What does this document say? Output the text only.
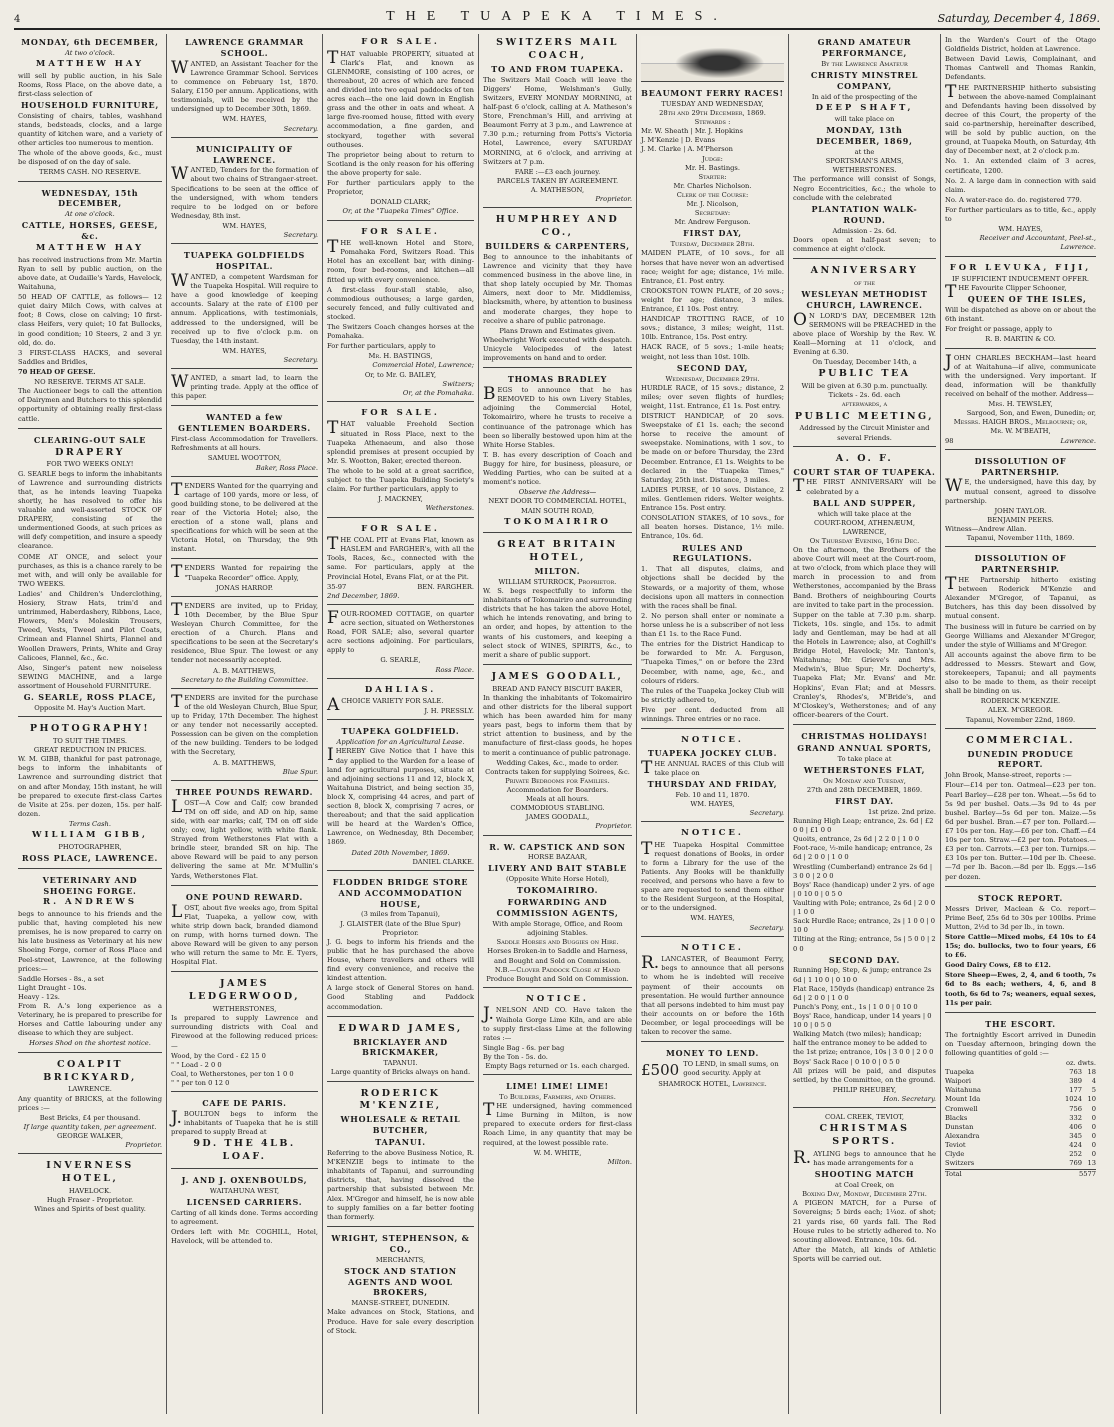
4	THE TUAPEKA TIMES.	Saturday, December 4, 1869.
MONDAY, 6th DECEMBER,
At two o'clock.
MATTHEW HAY

will sell by public auction, in his Sale Rooms, Ross Place, on the above date, a first-class selection of

HOUSEHOLD FURNITURE,

Consisting of chairs, tables, washhand stands, bedsteads, clocks, and a large quantity of kitchen ware, and a variety of other articles too numerous to mention.

The whole of the above goods, &c., must be disposed of on the day of sale.

TERMS CASH. NO RESERVE.
WEDNESDAY, 15th DECEMBER,
At one o'clock.
CATTLE, HORSES, GEESE, &c.
MATTHEW HAY

has received instructions from Mr. Martin Ryan to sell by public auction, on the above date, at Oudaille's Yards, Havelock, Waitahuna,

50 HEAD OF CATTLE, as follows— 12 quiet dairy Milch Cows, with calves at foot; 8 Cows, close on calving; 10 first-class Heifers, very quiet; 10 fat Bullocks, in good condition; 10 Steers, 2 and 3 yr. old, do. do.

3 FIRST-CLASS HACKS, and several Saddles and Bridles,

70 HEAD OF GEESE.

NO RESERVE. TERMS AT SALE.

The Auctioneer begs to call the attention of Dairymen and Butchers to this splendid opportunity of obtaining really first-class cattle.

CLEARING-OUT SALE
DRAPERY
FOR TWO WEEKS ONLY!

G. SEARLE begs to inform the inhabitants of Lawrence and surrounding districts that, as he intends leaving Tuapeka shortly, he has resolved to offer his valuable and well-assorted STOCK OF DRAPERY, consisting of the undermentioned Goods, at such prices as will defy competition, and insure a speedy clearance.

COME AT ONCE, and select your purchases, as this is a chance rarely to be met with, and will only be available for TWO WEEKS.

Ladies' and Children's Underclothing, Hosiery, Straw Hats, trim'd and untrimmed, Haberdashery, Ribbons, Lace, Flowers, Men's Moleskin Trousers, Tweed, Vests, Tweed and Pilot Coats, Crimean and Flannel Shirts, Flannel and Woollen Drawers, Prints, White and Gray Calicoes, Flannel, &c., &c.

Also, Singer's patent new noiseless SEWING MACHINE, and a large assortment of Household FURNITURE.

G. SEARLE, ROSS PLACE,
Opposite M. Hay's Auction Mart.
PHOTOGRAPHY!
TO SUIT THE TIMES.
GREAT REDUCTION IN PRICES.

W. M. GIBB, thankful for past patronage, begs to inform the inhabitants of Lawrence and surrounding district that on and after Monday, 15th instant, he will be prepared to execute first-class Cartes de Visite at 25s. per dozen, 15s. per half-dozen.

Terms Cash.
WILLIAM GIBB,
PHOTOGRAPHER,
ROSS PLACE, LAWRENCE.
VETERINARY AND SHOEING FORGE.
R. ANDREWS

begs to announce to his friends and the public that, having completed his new premises, he is now prepared to carry on his late business as Veterinary at his new Shoeing Forge, corner of Ross Place and Peel-street, Lawrence, at the following prices:—

Saddle Horses - 8s., a set
Light Draught - 10s.
Heavy - 12s.

From R. A.'s long experience as a Veterinary, he is prepared to prescribe for Horses and Cattle labouring under any disease to which they are subject.

Horses Shod on the shortest notice.
COALPIT BRICKYARD,
LAWRENCE.

Any quantity of BRICKS, at the following prices :—

Best Bricks, £4 per thousand.
If large quantity taken, per agreement.
GEORGE WALKER,
Proprietor.
INVERNESS HOTEL,
HAVELOCK.
Hugh Fraser - Proprietor.
Wines and Spirits of best quality.
LAWRENCE GRAMMAR SCHOOL.

WANTED, an Assistant Teacher for the Lawrence Grammar School. Services to commence on February 1st, 1870. Salary, £150 per annum. Applications, with testimonials, will be received by the undersigned up to December 30th, 1869.

WM. HAYES,
Secretary.
MUNICIPALITY OF LAWRENCE.

WANTED, Tenders for the formation of about two chains of Strangaer-street. Specifications to be seen at the office of the undersigned, with whom tenders require to be lodged on or before Wednesday, 8th inst.

WM. HAYES,
Secretary.
TUAPEKA GOLDFIELDS HOSPITAL.

WANTED, a competent Wardsman for the Tuapeka Hospital. Will require to have a good knowledge of keeping accounts. Salary at the rate of £100 per annum. Applications, with testimonials, addressed to the undersigned, will be received up to five o'clock p.m. on Tuesday, the 14th instant.

WM. HAYES,
Secretary.

WANTED, a smart lad, to learn the printing trade. Apply at the office of this paper.

WANTED a few GENTLEMEN BOARDERS.

First-class Accommodation for Travellers. Refreshments at all hours.

SAMUEL WOOTTON,
Baker, Ross Place.

TENDERS Wanted for the quarrying and cartage of 100 yards, more or less, of good building stone, to be delivered at the rear of the Victoria Hotel; also, the erection of a stone wall, plans and specifications for which will be seen at the Victoria Hotel, on Thursday, the 9th instant.

TENDERS Wanted for repairing the "Tuapeka Recorder" office. Apply,

JONAS HARROP.

TENDERS are invited, up to Friday, 10th December, by the Blue Spur Wesleyan Church Committee, for the erection of a Church. Plans and specifications to be seen at the Secretary's residence, Blue Spur. The lowest or any tender not necessarily accepted.

A. B. MATTHEWS,
Secretary to the Building Committee.

TENDERS are invited for the purchase of the old Wesleyan Church, Blue Spur, up to Friday, 17th December. The highest or any tender not necessarily accepted. Possession can be given on the completion of the new building. Tenders to be lodged with the Secretary,

A. B. MATTHEWS,
Blue Spur.
THREE POUNDS REWARD.

LOST—A Cow and Calf; cow branded TM on off side, and AD on hip, same side, with ear marks; calf, TM on off side only; cow, light yellow, with white flank. Strayed from Wetherstones Flat with a brindle steer, branded SR on hip. The above Reward will be paid to any person delivering the same at Mr. M'Mullin's Yards, Wetherstones Flat.

ONE POUND REWARD.

LOST, about five weeks ago, from Spital Flat, Tuapeka, a yellow cow, with white strip down back, branded diamond on rump, with horns turned down. The above Reward will be given to any person who will return the same to Mr. E. Tyers, Hospital Flat.

JAMES LEDGERWOOD,
WETHERSTONES,

Is prepared to supply Lawrence and surrounding districts with Coal and Firewood at the following reduced prices:—

Wood, by the Cord - £2 15 0
" " Load - 2 0 0
Coal, to Wetherstones, per ton 1 0 0
" " per ton 0 12 0
CAFE DE PARIS.

J.BOULTON begs to inform the inhabitants of Tuapeka that he is still prepared to supply Bread at

9D. THE 4LB. LOAF.
J. AND J. OXENBOULDS,
WAITAHUNA WEST,
LICENSED CARRIERS.

Carting of all kinds done. Terms according to agreement.

Orders left with Mr. COGHILL, Hotel, Havelock, will be attended to.

FOR SALE.

THAT valuable PROPERTY, situated at Clark's Flat, and known as GLENMORE, consisting of 100 acres, or thereabout, 20 acres of which are fenced and divided into two equal paddocks of ten acres each—the one laid down in English grass and the other in oats and wheat. A large five-roomed house, fitted with every accommodation, a fine garden, and stockyard, together with several outhouses.

The proprietor being about to return to Scotland is the only reason for his offering the above property for sale.

For further particulars apply to the Proprietor,

DONALD CLARK;
Or, at the "Tuapeka Times" Office.
FOR SALE.

THE well-known Hotel and Store, Pomahaka Ford, Switzers Road. This Hotel has an excellent bar, with dining-room, four bed-rooms, and kitchen—all fitted up with every convenience.

A first-class four-stall stable, also, commodious outhouses; a large garden, securely fenced, and fully cultivated and stocked.

The Switzers Coach changes horses at the Pomahaka.

For further particulars, apply to

Mr. H. BASTINGS,
Commercial Hotel, Lawrence;
Or, to Mr. G. BAILEY,
Switzers;
Or, at the Pomahaka.
FOR SALE.

THAT valuable Freehold Section situated in Ross Place, next to the Tuapeka Athenaeum, and also those splendid premises at present occupied by Mr. S. Wootton, Baker, erected thereon.

The whole to be sold at a great sacrifice, subject to the Tuapeka Building Society's claim. For further particulars, apply to

J. MACKNEY,
Wetherstones.
FOR SALE.

THE COAL PIT at Evans Flat, known as HASLEM and FARGHER's, with all the Tools, Races, &c., connected with the same. For particulars, apply at the Provincial Hotel, Evans Flat, or at the Pit.

35-97	BEN. FARGHER.
2nd December, 1869.

FOUR-ROOMED COTTAGE, on quarter acre section, situated on Wetherstones Road, FOR SALE; also, several quarter acre sections adjoining. For particulars, apply to

G. SEARLE,
Ross Place.
DAHLIAS.

ACHOICE VARIETY FOR SALE.

J. H. PRESSLY.
TUAPEKA GOLDFIELD.
Application for an Agricultural Lease.

IHEREBY Give Notice that I have this day applied to the Warden for a lease of land for agricultural purposes, situate at and adjoining sections 11 and 12, block X, Waitahuna District, and being section 35, block X, comprising 44 acres, and part of section 8, block X, comprising 7 acres, or thereabout; and that the said application will be heard at the Warden's Office, Lawrence, on Wednesday, 8th December, 1869.

Dated 20th November, 1869.
DANIEL CLARKE.
FLODDEN BRIDGE STORE AND ACCOMMODATION HOUSE,
(3 miles from Tapanui),
J. GLAISTER (late of the Blue Spur) Proprietor.

J. G. begs to inform his friends and the public that he has purchased the above House, where travellers and others will find every convenience, and receive the kindest attention.

A large stock of General Stores on hand. Good Stabling and Paddock accommodation.

EDWARD JAMES,
BRICKLAYER AND BRICKMAKER,
TAPANUI.
Large quantity of Bricks always on hand.
RODERICK M'KENZIE,
WHOLESALE & RETAIL BUTCHER,
TAPANUI.

Referring to the above Business Notice, R. M'KENZIE begs to intimate to the inhabitants of Tapanui, and surrounding districts, that, having dissolved the partnership that subsisted between Mr. Alex. M'Gregor and himself, he is now able to supply families on a far better footing than formerly.

WRIGHT, STEPHENSON, & CO.,
MERCHANTS,
STOCK AND STATION AGENTS AND WOOL BROKERS,
MANSE-STREET, DUNEDIN.

Make advances on Stock, Stations, and Produce. Have for sale every description of Stock.

SWITZERS MAIL COACH,
TO AND FROM TUAPEKA.

The Switzers Mail Coach will leave the Diggers' Home, Welshman's Gully, Switzers, EVERY MONDAY MORNING, at half-past 6 o'clock, calling at A. Matheson's Store, Frenchman's Hill, and arriving at Beaumont Ferry at 3 p.m., and Lawrence at 7.30 p.m.; returning from Potts's Victoria Hotel, Lawrence, every SATURDAY MORNING, at 6 o'clock, and arriving at Switzers at 7 p.m.

FARE :—£3 each journey.
PARCELS TAKEN BY AGREEMENT.
A. MATHESON,
Proprietor.
HUMPHREY AND CO.,
BUILDERS & CARPENTERS,

Beg to announce to the inhabitants of Lawrence and vicinity that they have commenced business in the above line, in that shop lately occupied by Mr. Thomas Aimers, next door to Mr. Middlemiss, blacksmith, where, by attention to business and moderate charges, they hope to receive a share of public patronage.

Plans Drawn and Estimates given.

Wheelwright Work executed with despatch. Unicycle Velocipedes of the latest improvements on hand and to order.

THOMAS BRADLEY

BEGS to announce that he has REMOVED to his own Livery Stables, adjoining the Commercial Hotel, Tokomairiro, where he trusts to receive a continuance of the patronage which has been so liberally bestowed upon him at the White Horse Stables.

T. B. has every description of Coach and Buggy for hire, for business, pleasure, or Wedding Parties, who can be suited at a moment's notice.

Observe the Address—
NEXT DOOR TO COMMERCIAL HOTEL,
MAIN SOUTH ROAD,
TOKOMAIRIRO
GREAT BRITAIN HOTEL,
MILTON.
WILLIAM STURROCK, Proprietor.

W. S. begs respectfully to inform the inhabitants of Tokomairiro and surrounding districts that he has taken the above Hotel, which he intends renovating, and bring to an order, and hopes, by attention to the wants of his customers, and keeping a select stock of WINES, SPIRITS, &c., to merit a share of public support.

JAMES GOODALL,
BREAD AND FANCY BISCUIT BAKER,

In thanking the inhabitants of Tokomairiro and other districts for the liberal support which has been awarded him for many years past, begs to inform them that by strict attention to business, and by the manufacture of first-class goods, he hopes to merit a continuance of public patronage.

Wedding Cakes, &c., made to order.
Contracts taken for supplying Soirees, &c.
Private Bedrooms for Families.
Accommodation for Boarders.
Meals at all hours.
COMMODIOUS STABLING.
JAMES GOODALL,
Proprietor.
R. W. CAPSTICK AND SON
HORSE BAZAAR,
LIVERY AND BAIT STABLE
(Opposite White Horse Hotel),
TOKOMAIRIRO.
FORWARDING AND COMMISSION AGENTS,
With ample Storage, Office, and Room adjoining Stables.
Saddle Horses and Buggies on Hire.
Horses Broken-in to Saddle and Harness, and Bought and Sold on Commission.
N.B.—Clover Paddock Close at Hand
Produce Bought and Sold on Commission.
NOTICE.

J.NELSON AND CO. Have taken the Waihola Gorge Lime Kiln, and are able to supply first-class Lime at the following rates :—

Single Bag - 6s. per bag
By the Ton - 5s. do.
Empty Bags returned or 1s. each charged.
LIME! LIME! LIME!
To Builders, Farmers, and Others.

THE undersigned, having commenced Lime Burning in Milton, is now prepared to execute orders for first-class Roach Lime, in any quantity that may be required, at the lowest possible rate.

W. M. WHITE,
Milton.
BEAUMONT FERRY RACES!
TUESDAY AND WEDNESDAY,
28th and 29th December, 1869.
Stewards :
Mr. W. Sheath | Mr. J. Hopkins
J. M'Kenzie | D. Evans
J. M. Clarke | A. M'Pherson
Judge:
Mr. H. Bastings.
Starter:
Mr. Charles Nicholson.
Clerk of the Course:
Mr. J. Nicolson,
Secretary:
Mr. Andrew Ferguson.
FIRST DAY,
Tuesday, December 28th.

MAIDEN PLATE, of 10 sovs., for all horses that have never won an advertised race; weight for age; distance, 1½ mile. Entrance, £1. Post entry.

CROOKSTON TOWN PLATE, of 20 sovs.; weight for age; distance, 3 miles. Entrance, £1 10s. Post entry.

HANDICAP TROTTING RACE, of 10 sovs.; distance, 3 miles; weight, 11st. 10lb. Entrance, 15s. Post entry.

HACK RACE, of 5 sovs.; 1-mile heats; weight, not less than 10st. 10lb.

SECOND DAY,
Wednesday, December 29th.

HURDLE RACE, of 15 sovs.; distance, 2 miles; over seven flights of hurdles; weight, 11st. Entrance, £1 1s. Post entry.

DISTRICT HANDICAP, of 20 sovs. Sweepstake of £1 1s. each; the second horse to receive the amount of sweepstake. Nominations, with 1 sov., to be made on or before Thursday, the 23rd December. Entrance, £1 1s. Weights to be declared in the "Tuapeka Times," Saturday, 25th inst. Distance, 3 miles.

LADIES PURSE, of 10 sovs. Distance, 2 miles. Gentlemen riders. Welter weights. Entrance 15s. Post entry.

CONSOLATION STAKES, of 10 sovs., for all beaten horses. Distance, 1½ mile. Entrance, 10s. 6d.

RULES AND REGULATIONS.

1. That all disputes, claims, and objections shall be decided by the Stewards, or a majority of them, whose decisions upon all matters in connection with the races shall be final.

2. No person shall enter or nominate a horse unless he is a subscriber of not less than £1 1s. to the Race Fund.

The entries for the District Handicap to be forwarded to Mr. A. Ferguson, "Tuapeka Times," on or before the 23rd December, with name, age, &c., and colours of riders.

The rules of the Tuapeka Jockey Club will be strictly adhered to,

Five per cent. deducted from all winnings. Three entries or no race.

NOTICE.
TUAPEKA JOCKEY CLUB.

THE ANNUAL RACES of this Club will take place on

THURSDAY AND FRIDAY,
Feb. 10 and 11, 1870.
WM. HAYES,
Secretary.
NOTICE.

THE Tuapeka Hospital Committee request donations of Books, in order to form a Library for the use of the Patients. Any Books will be thankfully received, and persons who have a few to spare are requested to send them either to the Resident Surgeon, at the Hospital, or to the undersigned.

WM. HAYES,
Secretary.
NOTICE.

R.LANCASTER, of Beaumont Ferry, begs to announce that all persons to whom he is indebted will receive payment of their accounts on presentation. He would further announce that all persons indebted to him must pay their accounts on or before the 16th December, or legal proceedings will be taken to recover the same.

MONEY TO LEND.
£500 TO LEND, in small sums, on good security. Apply at
SHAMROCK HOTEL, Lawrence.
GRAND AMATEUR PERFORMANCE,
By the Lawrence Amateur
CHRISTY MINSTREL COMPANY,
In aid of the prospecting of the
DEEP SHAFT,
will take place on
MONDAY, 13th DECEMBER, 1869,
at the
SPORTSMAN'S ARMS, WETHERSTONES.

The performance will consist of Songs, Negro Eccentricities, &c.; the whole to conclude with the celebrated

PLANTATION WALK-ROUND.
Admission - 2s. 6d.

Doors open at half-past seven; to commence at eight o'clock.

ANNIVERSARY
of the
WESLEYAN METHODIST CHURCH, LAWRENCE.

ON LORD'S DAY, DECEMBER 12th SERMONS will be PREACHED in the above place of Worship by the Rev. W. Keall—Morning at 11 o'clock, and Evening at 6.30.

On Tuesday, December 14th, a
PUBLIC TEA
Will be given at 6.30 p.m. punctually.
Tickets - 2s. 6d. each
afterwards, a
PUBLIC MEETING,
Addressed by the Circuit Minister and several Friends.
A. O. F.
COURT STAR OF TUAPEKA.

THE FIRST ANNIVERSARY will be celebrated by a

BALL AND SUPPER,
which will take place at the
COURT-ROOM, ATHENÆUM,
LAWRENCE,
On Thursday Evening, 16th Dec.

On the afternoon, the Brothers of the above Court will meet at the Court-room, at two o'clock, from which place they will march in procession to and from Wetherstones, accompanied by the Brass Band. Brothers of neighbouring Courts are invited to take part in the procession.

Supper on the table at 7.30 p.m. sharp. Tickets, 10s. single, and 15s. to admit lady and Gentleman, may be had at all the Hotels in Lawrence; also, at Coghill's Bridge Hotel, Havelock; Mr. Tanton's, Waitahuna; Mr. Grieve's and Mrs. Medwin's, Blue Spur; Mr. Docherty's, Tuapeka Flat; Mr. Evans' and Mr. Hopkins', Evan Flat; and at Messrs. Cranley's, Rhodes's, M'Bride's, and M'Closkey's, Wetherstones; and of any officer-bearers of the Court.

CHRISTMAS HOLIDAYS!
GRAND ANNUAL SPORTS,
To take place at
WETHERSTONES FLAT,
On Monday and Tuesday,
27th and 28th DECEMBER, 1869.
FIRST DAY.
1st prize. 2nd prize.
Running High Leap; entrance, 2s. 6d | £2 0 0 | £1 0 0
Quoits, entrance, 2s 6d | 2 2 0 | 1 0 0
Foot-race, ½-mile handicap; entrance, 2s 6d | 2 0 0 | 1 0 0
Wrestling (Cumberland) entrance 2s 6d | 3 0 0 | 2 0 0
Boys' Race (handicap) under 2 yrs. of age | 0 10 0 | 0 5 0
Vaulting with Pole; entrance, 2s 6d | 2 0 0 | 1 0 0
Sack Hurdle Race; entrance, 2s | 1 0 0 | 0 10 0
Tilting at the Ring; entrance, 5s | 5 0 0 | 2 0 0
SECOND DAY.
Running Hop, Step, & jump; entrance 2s 6d | 1 10 0 | 0 10 0
Flat Race, 150yds (handicap) entrance 2s 6d | 2 0 0 | 1 0 0
Punch's Pony, ent., 1s | 1 0 0 | 0 10 0
Boys' Race, handicap, under 14 years | 0 10 0 | 0 5 0
Walking Match (two miles); handicap; half the entrance money to be added to the 1st prize; entrance, 10s | 3 0 0 | 2 0 0
Boys' Sack Race | 0 10 0 | 0 5 0

All prizes will be paid, and disputes settled, by the Committee, on the ground.

PHILIP RHEUBEY,
Hon. Secretary.
COAL CREEK, TEVIOT,
CHRISTMAS SPORTS.

R.AYLING begs to announce that he has made arrangements for a

SHOOTING MATCH
at Coal Creek, on
Boxing Day, Monday, December 27th.

A PIGEON MATCH, for a Purse of Sovereigns; 5 birds each; 1¼oz. of shot; 21 yards rise, 60 yards fall. The Red House rules to be strictly adhered to. No scouting allowed. Entrance, 10s. 6d.

After the Match, all kinds of Athletic Sports will be carried out.

In the Warden's Court of the Otago Goldfields District, holden at Lawrence.

Between David Lewis, Complainant, and Thomas Cantwell and Thomas Rankin, Defendants.

THE PARTNERSHIP hitherto subsisting between the above-named Complainant and Defendants having been dissolved by decree of this Court, the property of the said co-partnership, hereinafter described, will be sold by public auction, on the ground, at Tuapeka Mouth, on Saturday, 4th day of December next, at 2 o'clock p.m.

No. 1. An extended claim of 3 acres, certificate, 1200.

No. 2. A large dam in connection with said claim.

No. A water-race do. do. registered 779.

For further particulars as to title, &c., apply to

WM. HAYES,
Receiver and Accountant, Peel-st., Lawrence.
FOR LEVUKA, FIJI,
IF SUFFICIENT INDUCEMENT OFFER.

THE Favourite Clipper Schooner,

QUEEN OF THE ISLES,

Will be dispatched as above on or about the 6th instant.

For freight or passage, apply to

R. B. MARTIN & CO.

JOHN CHARLES BECKHAM—last heard of at Waitahuna—if alive, communicate with the undersigned. Very important. If dead, information will be thankfully received on behalf of the mother. Address—

Mrs. H. TEWSLEY,
Sargood, Son, and Ewen, Dunedin; or,
Messrs. HAIGH BROS., Melbourne; or,
Mr. W. M'BEATH,
98	Lawrence.
DISSOLUTION OF PARTNERSHIP.

WE, the undersigned, have this day, by mutual consent, agreed to dissolve partnership.

JOHN TAYLOR.
BENJAMIN PEERS.
Witness—Andrew Allan.
Tapanui, November 11th, 1869.
DISSOLUTION OF PARTNERSHIP.

THE Partnership hitherto existing between Roderick M'Kenzie and Alexander M'Gregor, of Tapanui, as Butchers, has this day been dissolved by mutual consent.

The business will in future be carried on by George Williams and Alexander M'Gregor, under the style of Williams and M'Gregor.

All accounts against the above firm to be addressed to Messrs. Stewart and Gow, storekeepers, Tapanui; and all payments also to be made to them, as their receipt shall be binding on us.

RODERICK M'KENZIE.
ALEX. M'GREGOR.
Tapanui, November 22nd, 1869.
COMMERCIAL.
DUNEDIN PRODUCE REPORT.

John Brook, Manse-street, reports :—

Flour—£14 per ton. Oatmeal—£23 per ton. Pearl Barley—£28 per ton. Wheat.—5s 6d to 5s 9d per bushel. Oats.—3s 9d to 4s per bushel. Barley—5s 6d per ton. Maize.—5s 6d per bushel. Bran.—£7 per ton. Pollard.—£7 10s per ton. Hay.—£6 per ton. Chaff.—£4 10s per ton. Straw.—£2 per ton. Potatoes.—£3 per ton. Carrots.—£3 per ton. Turnips.—£3 10s per ton. Butter.—10d per lb. Cheese.—7d per lb. Bacon.—8d per lb. Eggs.—1s6 per dozen.

STOCK REPORT.

Messrs Driver, Maclean & Co. report—Prime Beef, 25s 6d to 30s per 100lbs. Prime Mutton, 2½d to 3d per lb., in town.

Store Cattle—Mixed mobs, £4 10s to £4 15s; do. bullocks, two to four years, £6 to £6.

Good Dairy Cows, £8 to £12.

Store Sheep—Ewes, 2, 4, and 6 tooth, 7s 6d to 8s each; wethers, 4, 6, and 8 tooth, 6s 6d to 7s; weaners, equal sexes, 11s per pair.

THE ESCORT.

The fortnightly Escort arrived in Dunedin on Tuesday afternoon, bringing down the following quantities of gold :—

oz. dwts.
Tuapeka	763 18
Waipori	389 4
Waitahuna	177 5
Mount Ida	1024 10
Cromwell	756 0
Blacks	332 0
Dunstan	406 0
Alexandra	345 0
Teviot	424 0
Clyde	252 0
Switzers	769 13
Total	5577
